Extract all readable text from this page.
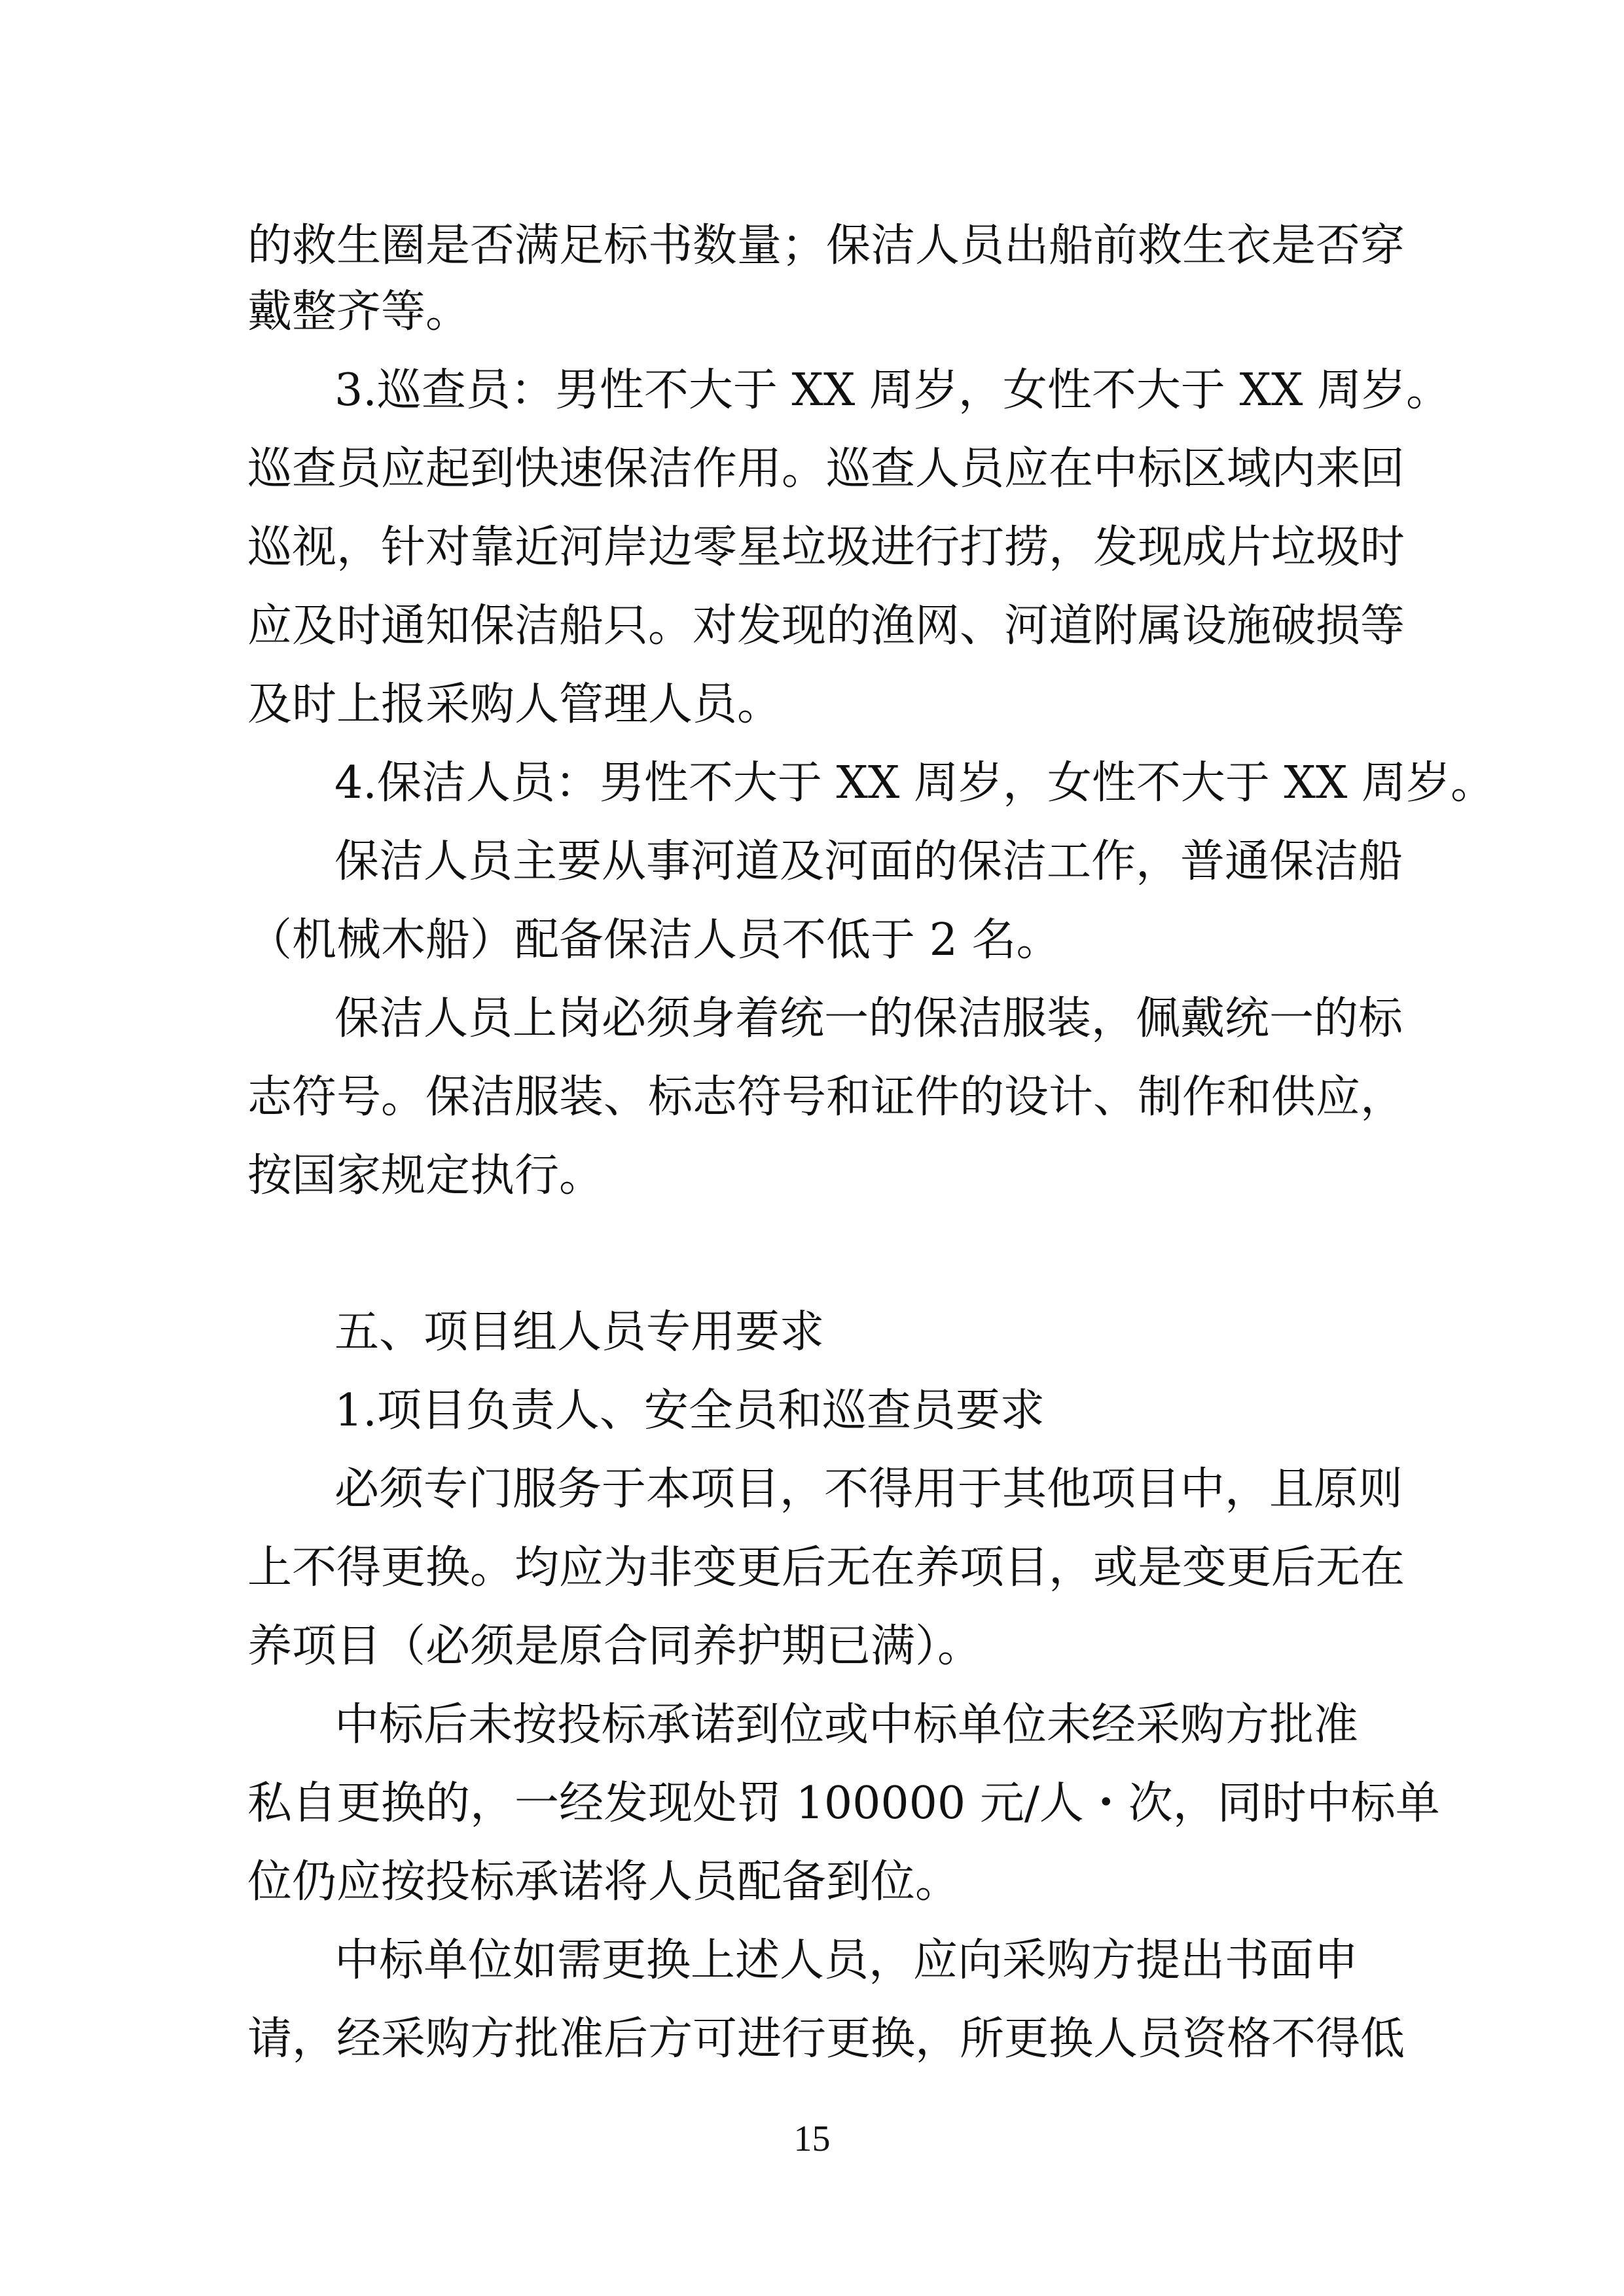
的救生圈是否满足标书数量；保洁人员出船前救生衣是否穿
戴整齐等。
3.巡查员：男性不大于 XX 周岁，女性不大于 XX 周岁。
巡查员应起到快速保洁作用。巡查人员应在中标区域内来回
巡视，针对靠近河岸边零星垃圾进行打捞，发现成片垃圾时
应及时通知保洁船只。对发现的渔网、河道附属设施破损等
及时上报采购人管理人员。
4.保洁人员：男性不大于 XX 周岁，女性不大于 XX 周岁。
保洁人员主要从事河道及河面的保洁工作，普通保洁船
（机械木船）配备保洁人员不低于 2 名。
保洁人员上岗必须身着统一的保洁服装，佩戴统一的标
志符号。保洁服装、标志符号和证件的设计、制作和供应，
按国家规定执行。
五、项目组人员专用要求
1.项目负责人、安全员和巡查员要求
必须专门服务于本项目，不得用于其他项目中，且原则
上不得更换。均应为非变更后无在养项目，或是变更后无在
养项目（必须是原合同养护期已满）。
中标后未按投标承诺到位或中标单位未经采购方批准
私自更换的，一经发现处罚 100000 元/人・次，同时中标单
位仍应按投标承诺将人员配备到位。
中标单位如需更换上述人员，应向采购方提出书面申
请，经采购方批准后方可进行更换，所更换人员资格不得低
15
